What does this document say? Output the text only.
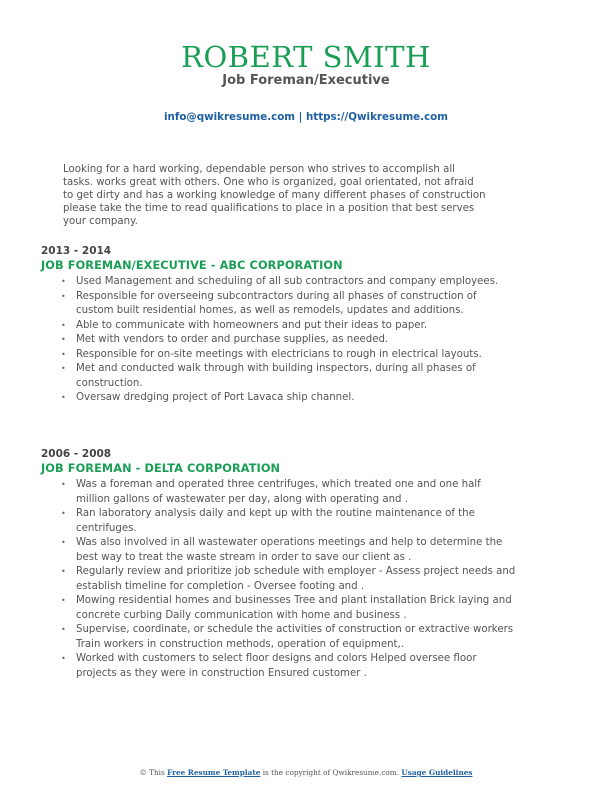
ROBERT SMITH
Job Foreman/Executive
info@qwikresume.com | https://Qwikresume.com
Looking for a hard working, dependable person who strives to accomplish all
tasks. works great with others. One who is organized, goal orientated, not afraid
to get dirty and has a working knowledge of many different phases of construction
please take the time to read qualifications to place in a position that best serves
your company.
2013 - 2014
JOB FOREMAN/EXECUTIVE - ABC CORPORATION
• Used Management and scheduling of all sub contractors and company employees.
• Responsible for overseeing subcontractors during all phases of construction of custom built residential homes, as well as remodels, updates and additions.
• Able to communicate with homeowners and put their ideas to paper.
• Met with vendors to order and purchase supplies, as needed.
• Responsible for on-site meetings with electricians to rough in electrical layouts.
• Met and conducted walk through with building inspectors, during all phases of construction.
• Oversaw dredging project of Port Lavaca ship channel.
2006 - 2008
JOB FOREMAN - DELTA CORPORATION
• Was a foreman and operated three centrifuges, which treated one and one half million gallons of wastewater per day, along with operating and .
• Ran laboratory analysis daily and kept up with the routine maintenance of the centrifuges.
• Was also involved in all wastewater operations meetings and help to determine the best way to treat the waste stream in order to save our client as .
• Regularly review and prioritize job schedule with employer - Assess project needs and establish timeline for completion - Oversee footing and .
• Mowing residential homes and businesses Tree and plant installation Brick laying and concrete curbing Daily communication with home and business .
• Supervise, coordinate, or schedule the activities of construction or extractive workers Train workers in construction methods, operation of equipment,.
• Worked with customers to select floor designs and colors Helped oversee floor projects as they were in construction Ensured customer .
© This Free Resume Template is the copyright of Qwikresume.com. Usage Guidelines
